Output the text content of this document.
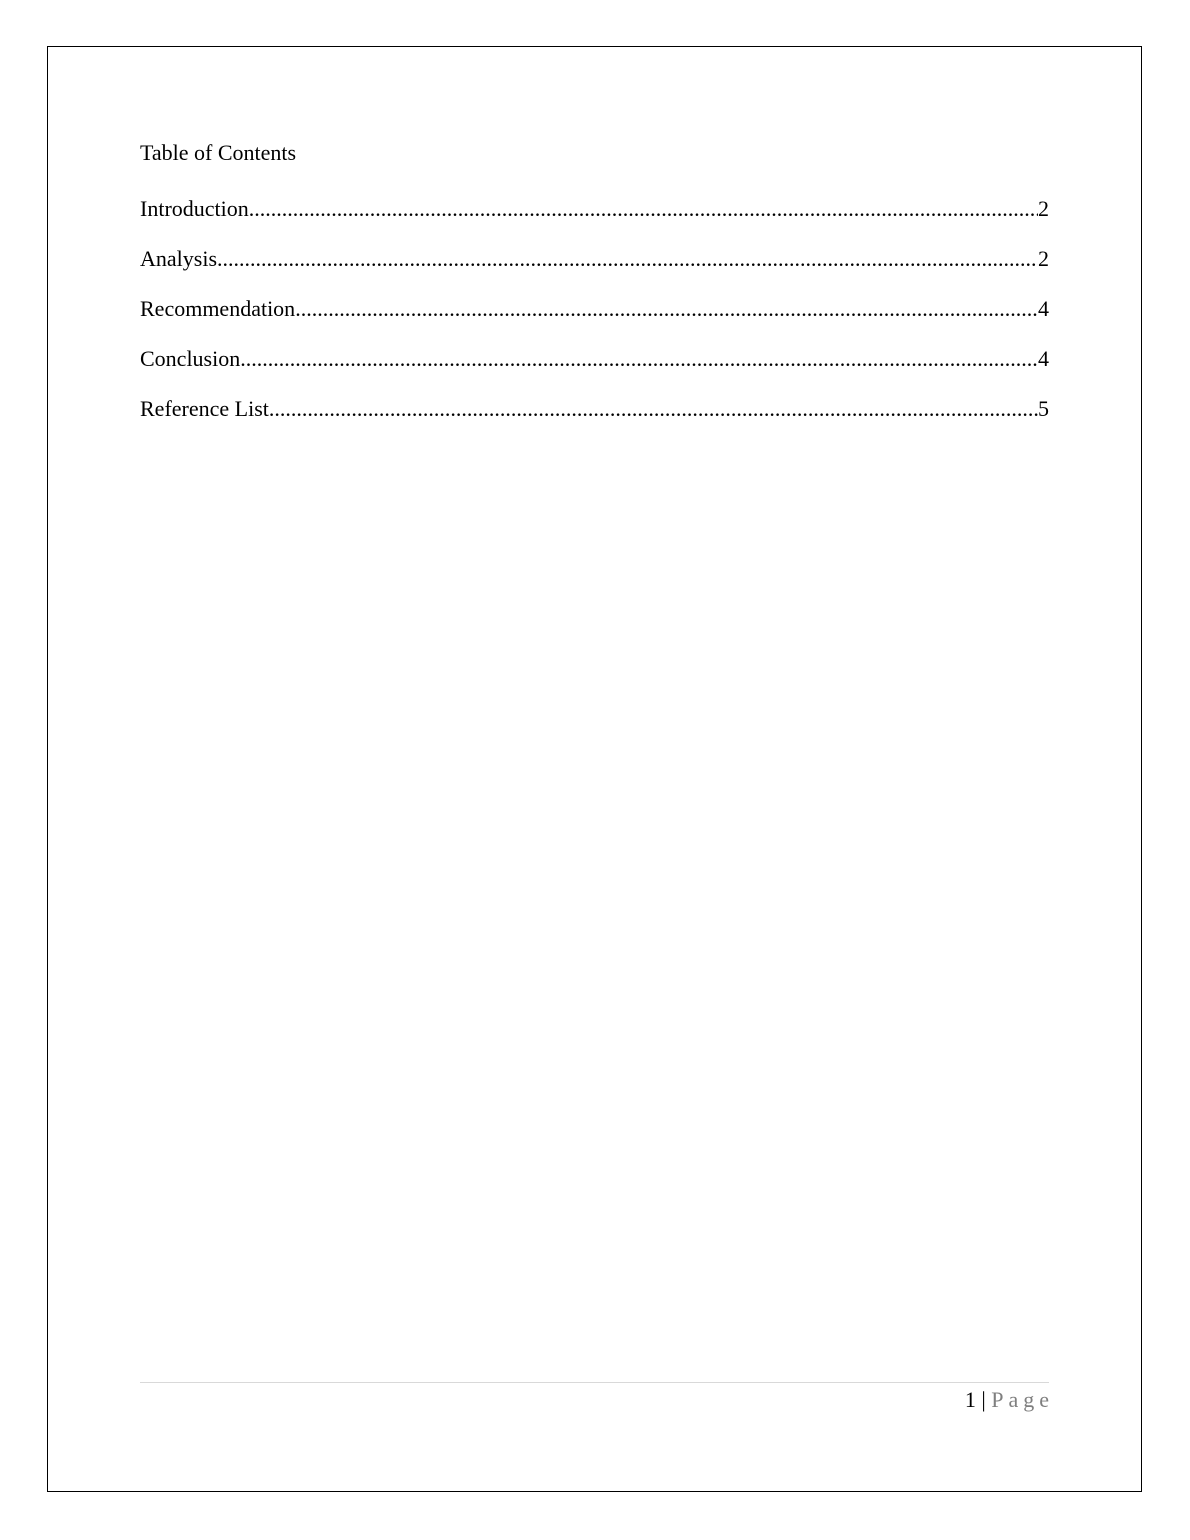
Table of Contents
Introduction .....	2
Analysis .....	2
Recommendation .....	4
Conclusion .....	4
Reference List .....	5
1 | Page
